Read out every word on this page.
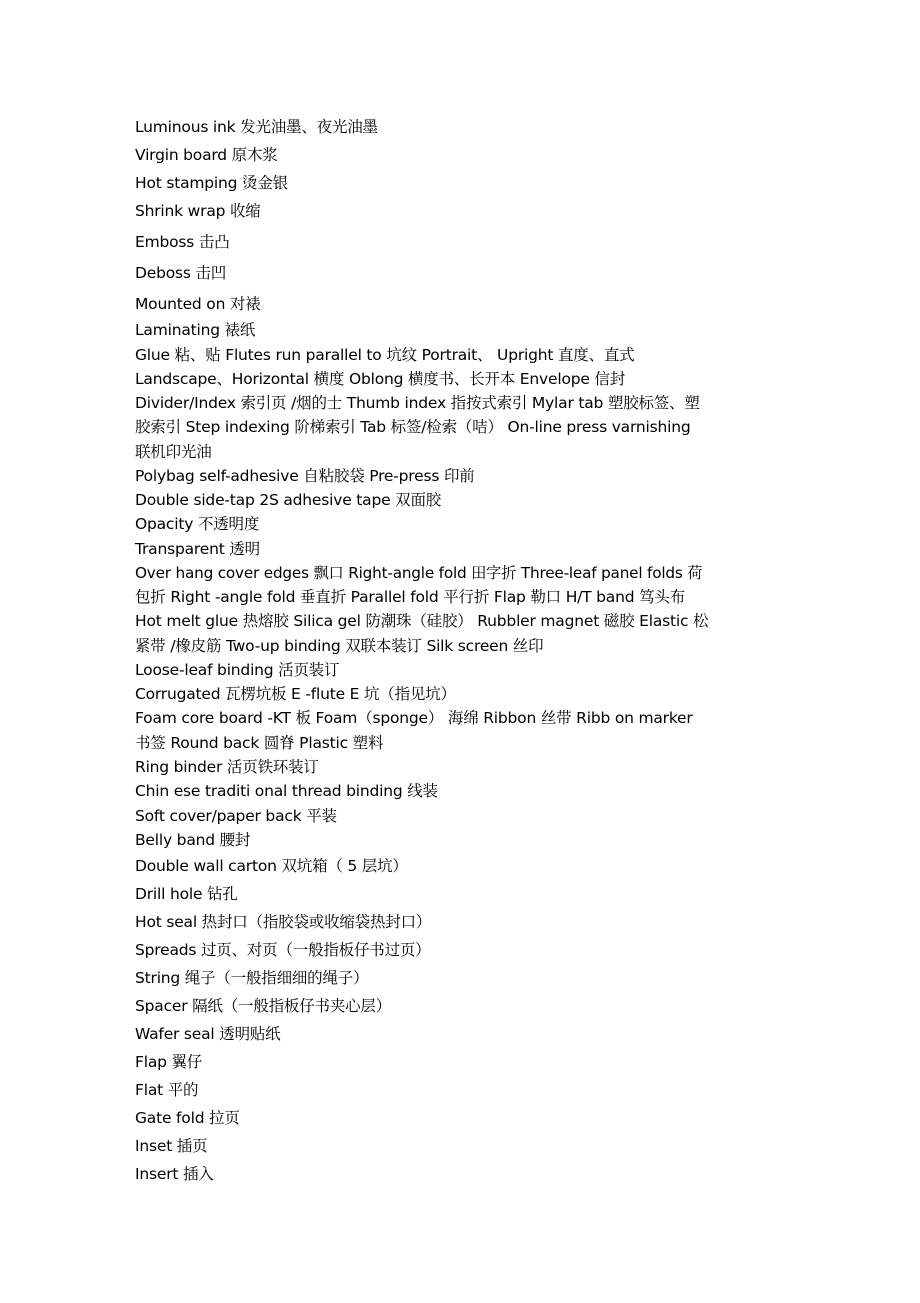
Luminous ink 发光油墨、夜光油墨
Virgin board 原木浆
Hot stamping 烫金银
Shrink wrap 收缩
Emboss 击凸
Deboss 击凹
Mounted on 对裱
Laminating 裱纸
Glue 粘、贴 Flutes run parallel to 坑纹 Portrait、 Upright 直度、直式
Landscape、Horizontal 横度 Oblong 横度书、长开本 Envelope 信封
Divider/Index 索引页 /烟的士 Thumb index 指按式索引 Mylar tab 塑胶标签、塑
胶索引 Step indexing 阶梯索引 Tab 标签/检索（咭） On-line press varnishing
联机印光油
Polybag self-adhesive 自粘胶袋 Pre-press 印前
Double side-tap 2S adhesive tape 双面胶
Opacity 不透明度
Transparent 透明
Over hang cover edges 飘口 Right-angle fold 田字折 Three-leaf panel folds 荷
包折 Right -angle fold 垂直折 Parallel fold 平行折 Flap 勒口 H/T band 笃头布
Hot melt glue 热熔胶 Silica gel 防潮珠（硅胶） Rubbler magnet 磁胶 Elastic 松
紧带 /橡皮筋 Two-up binding 双联本装订 Silk screen 丝印
Loose-leaf binding 活页装订
Corrugated 瓦楞坑板 E -flute E 坑（指见坑）
Foam core board -KT 板 Foam（sponge） 海绵 Ribbon 丝带 Ribb on marker
书签 Round back 圆脊 Plastic 塑料
Ring binder 活页铁环装订
Chin ese traditi onal thread binding 线装
Soft cover/paper back 平装
Belly band 腰封
Double wall carton 双坑箱（ 5 层坑）
Drill hole 钻孔
Hot seal 热封口（指胶袋或收缩袋热封口）
Spreads 过页、对页（一般指板仔书过页）
String 绳子（一般指细细的绳子）
Spacer 隔纸（一般指板仔书夹心层）
Wafer seal 透明贴纸
Flap 翼仔
Flat 平的
Gate fold 拉页
Inset 插页
Insert 插入
